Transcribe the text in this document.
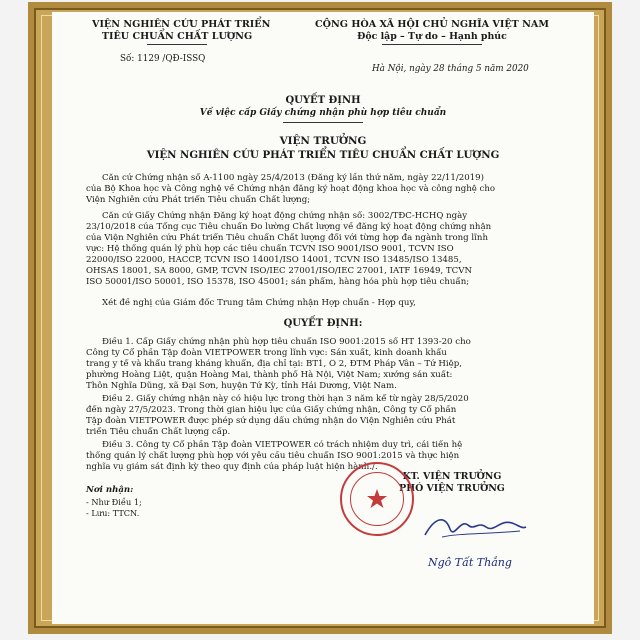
VIỆN NGHIÊN CỨU PHÁT TRIỂN
TIÊU CHUẨN CHẤT LƯỢNG
CỘNG HÒA XÃ HỘI CHỦ NGHĨA VIỆT NAM
Độc lập – Tự do – Hạnh phúc
Số: 1129 /QĐ-ISSQ
Hà Nội, ngày 28 tháng 5 năm 2020
QUYẾT ĐỊNH
Về việc cấp Giấy chứng nhận phù hợp tiêu chuẩn
VIỆN TRƯỞNG
VIỆN NGHIÊN CỨU PHÁT TRIỂN TIÊU CHUẨN CHẤT LƯỢNG
Căn cứ Chứng nhận số A-1100 ngày 25/4/2013 (Đăng ký lần thứ năm, ngày 22/11/2019)
của Bộ Khoa học và Công nghệ về Chứng nhận đăng ký hoạt động khoa học và công nghệ cho
Viện Nghiên cứu Phát triển Tiêu chuẩn Chất lượng;
Căn cứ Giấy Chứng nhận Đăng ký hoạt động chứng nhận số: 3002/TĐC-HCHQ ngày
23/10/2018 của Tổng cục Tiêu chuẩn Đo lường Chất lượng về đăng ký hoạt động chứng nhận
của Viện Nghiên cứu Phát triển Tiêu chuẩn Chất lượng đối với từng hợp đa ngành trong lĩnh
vực: Hệ thống quản lý phù hợp các tiêu chuẩn TCVN ISO 9001/ISO 9001, TCVN ISO
22000/ISO 22000, HACCP, TCVN ISO 14001/ISO 14001, TCVN ISO 13485/ISO 13485,
OHSAS 18001, SA 8000, GMP, TCVN ISO/IEC 27001/ISO/IEC 27001, IATF 16949, TCVN
ISO 50001/ISO 50001, ISO 15378, ISO 45001; sản phẩm, hàng hóa phù hợp tiêu chuẩn;
Xét đề nghị của Giám đốc Trung tâm Chứng nhận Hợp chuẩn - Hợp quy,
QUYẾT ĐỊNH:
Điều 1. Cấp Giấy chứng nhận phù hợp tiêu chuẩn ISO 9001:2015 số HT 1393-20 cho
Công ty Cổ phần Tập đoàn VIETPOWER trong lĩnh vực: Sản xuất, kinh doanh khẩu
trang y tế và khẩu trang kháng khuẩn, địa chỉ tại: BT1, Ô 2, ĐTM Pháp Vân – Tứ Hiệp,
phường Hoàng Liệt, quận Hoàng Mai, thành phố Hà Nội, Việt Nam; xưởng sản xuất:
Thôn Nghĩa Dũng, xã Đại Sơn, huyện Tứ Kỳ, tỉnh Hải Dương, Việt Nam.
Điều 2. Giấy chứng nhận này có hiệu lực trong thời hạn 3 năm kể từ ngày 28/5/2020
đến ngày 27/5/2023. Trong thời gian hiệu lực của Giấy chứng nhận, Công ty Cổ phần
Tập đoàn VIETPOWER được phép sử dụng dấu chứng nhận do Viện Nghiên cứu Phát
triển Tiêu chuẩn Chất lượng cấp.
Điều 3. Công ty Cổ phần Tập đoàn VIETPOWER có trách nhiệm duy trì, cải tiến hệ
thống quản lý chất lượng phù hợp với yêu cầu tiêu chuẩn ISO 9001:2015 và thực hiện
nghĩa vụ giám sát định kỳ theo quy định của pháp luật hiện hành./.
Nơi nhận:
- Như Điều 1;
- Lưu: TTCN.
KT. VIỆN TRƯỞNG
PHÓ VIỆN TRƯỞNG
Ngô Tất Thắng
